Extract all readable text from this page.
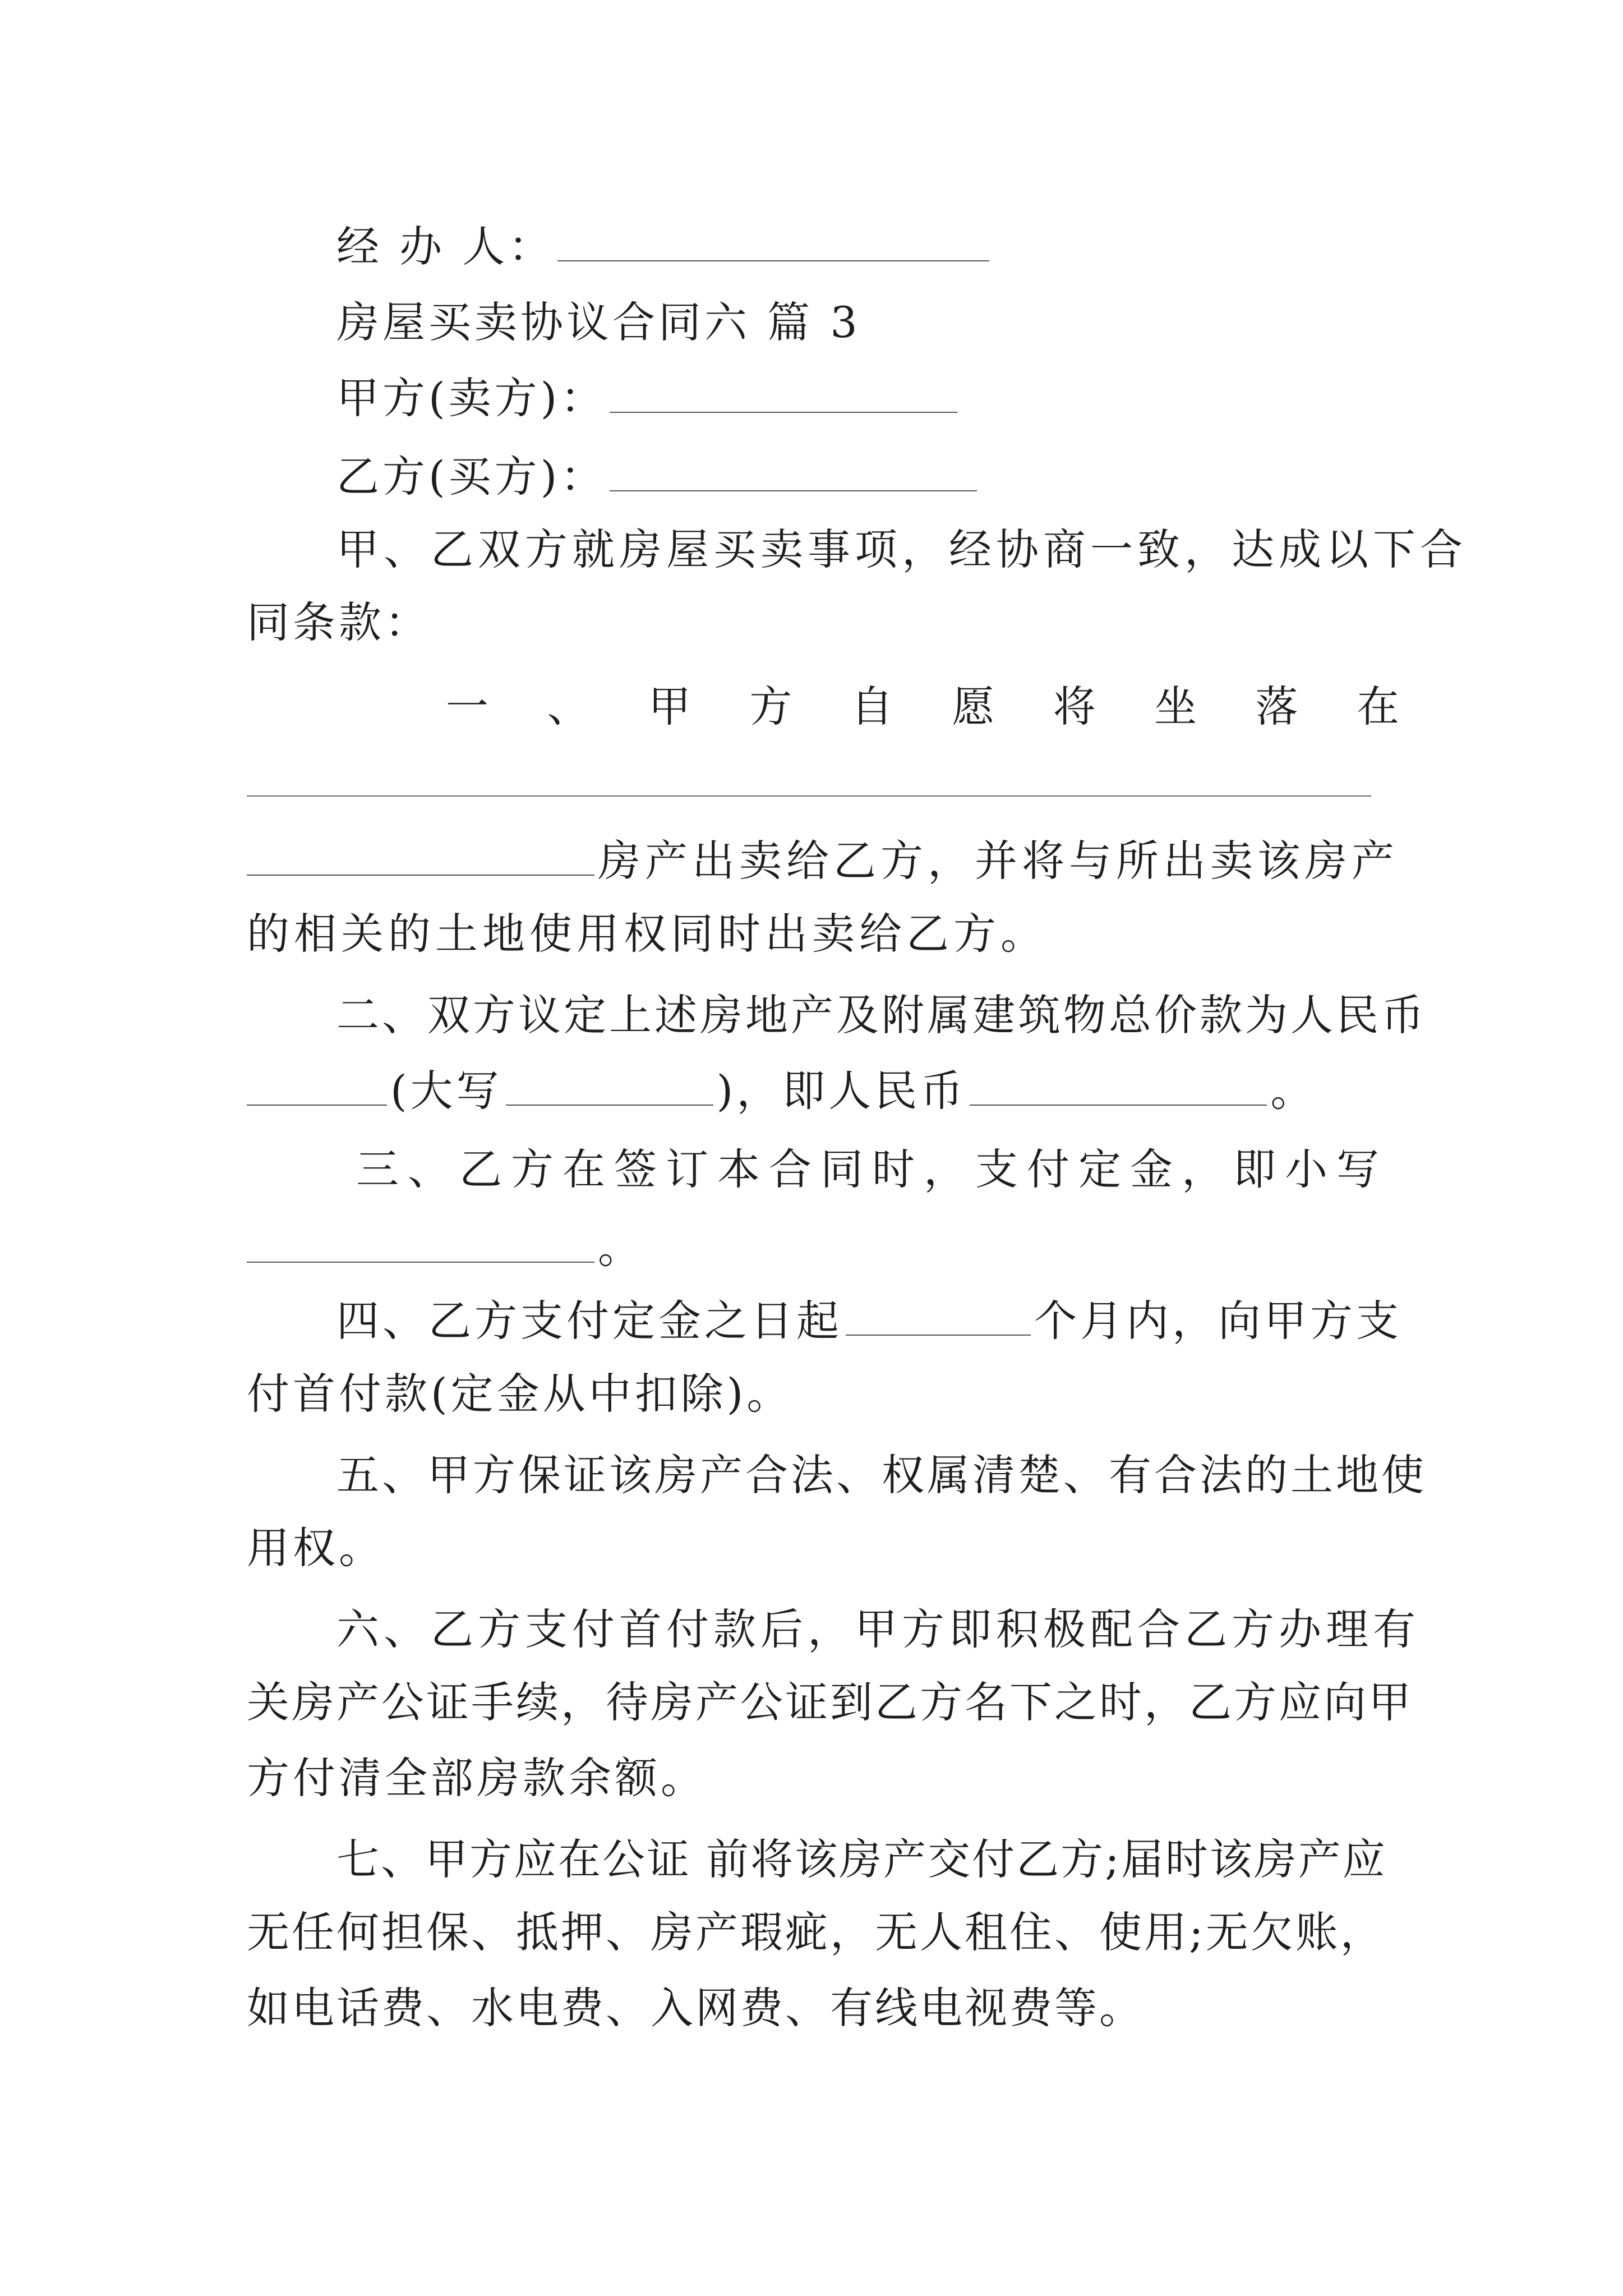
经 办 人：
房屋买卖协议合同六 篇 3
甲方(卖方)：
乙方(买方)：
甲、乙双方就房屋买卖事项，经协商一致，达成以下合
同条款：
一 、 甲 方 自 愿 将 坐 落 在
房产出卖给乙方，并将与所出卖该房产
的相关的土地使用权同时出卖给乙方。
二、双方议定上述房地产及附属建筑物总价款为人民币
(大写	)，即人民币	。
三、乙方在签订本合同时，支付定金，即小写
。
四、乙方支付定金之日起	个月内，向甲方支
付首付款(定金从中扣除)。
五、甲方保证该房产合法、权属清楚、有合法的土地使
用权。
六、乙方支付首付款后，甲方即积极配合乙方办理有
关房产公证手续，待房产公证到乙方名下之时，乙方应向甲
方付清全部房款余额。
七、甲方应在公证 前将该房产交付乙方;届时该房产应
无任何担保、抵押、房产瑕疵，无人租住、使用;无欠账，
如电话费、水电费、入网费、有线电视费等。
